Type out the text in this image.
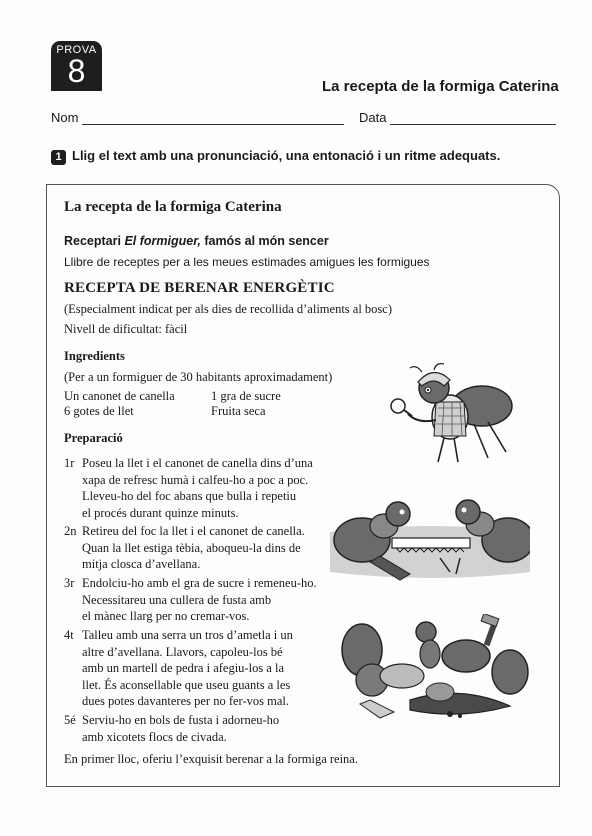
PROVA
8	La recepta de la formiga Caterina
Nom	Data
1 Llig el text amb una pronunciació, una entonació i un ritme adequats.
La recepta de la formiga Caterina
Receptari El formiguer, famós al món sencer
Llibre de receptes per a les meues estimades amigues les formigues
RECEPTA DE BERENAR ENERGÈTIC
(Especialment indicat per als dies de recollida d’aliments al bosc)
Nivell de dificultat: fàcil
Ingredients
(Per a un formiguer de 30 habitants aproximadament)
Un canonet de canella	1 gra de sucre
6 gotes de llet	Fruita seca
Preparació
1r Poseu la llet i el canonet de canella dins d’una
xapa de refresc humà i calfeu-ho a poc a poc.
Lleveu-ho del foc abans que bulla i repetiu
el procés durant quinze minuts.
2n Retireu del foc la llet i el canonet de canella.
Quan la llet estiga tèbia, aboqueu-la dins de
mitja closca d’avellana.
3r Endolciu-ho amb el gra de sucre i remeneu-ho.
Necessitareu una cullera de fusta amb
el mànec llarg per no cremar-vos.
4t Talleu amb una serra un tros d’ametla i un
altre d’avellana. Llavors, capoleu-los bé
amb un martell de pedra i afegiu-los a la
llet. És aconsellable que useu guants a les
dues potes davanteres per no fer-vos mal.
5é Serviu-ho en bols de fusta i adorneu-ho
amb xicotets flocs de civada.
En primer lloc, oferiu l’exquisit berenar a la formiga reina.
